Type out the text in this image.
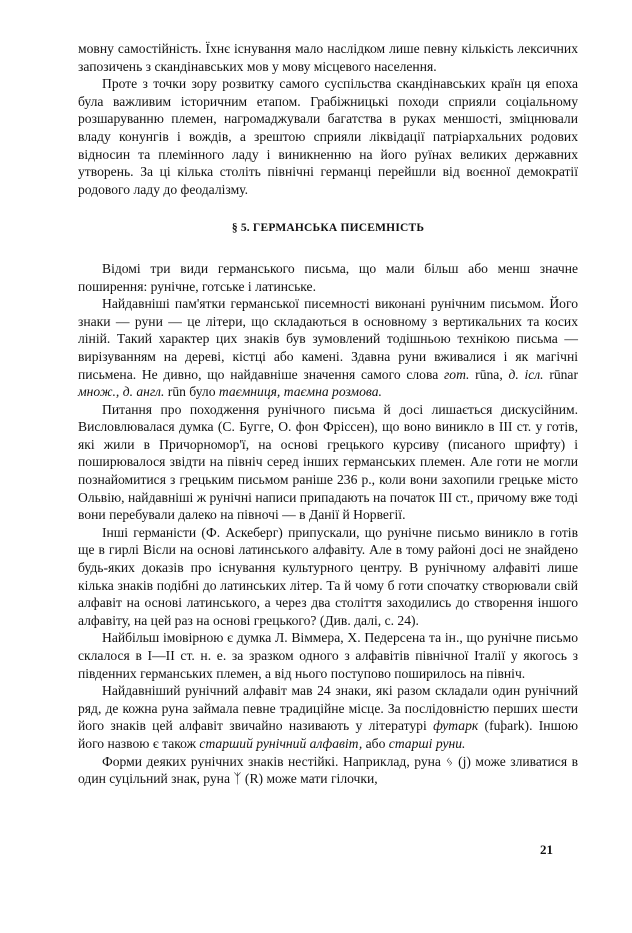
мовну самостійність. Їхнє існування мало наслідком лише певну кількість лексичних запозичень з скандінавських мов у мову місцевого населення.

Проте з точки зору розвитку самого суспільства скандінавських країн ця епоха була важливим історичним етапом. Грабіжницькі походи сприяли соціальному розшаруванню племен, нагромаджували багатства в руках меншості, зміцнювали владу конунгів і вождів, а зрештою сприяли ліквідації патріархальних родових відносин та племінного ладу і виникненню на його руїнах великих державних утворень. За ці кілька століть північні германці перейшли від воєнної демократії родового ладу до феодалізму.

§ 5. ГЕРМАНСЬКА ПИСЕМНІСТЬ

Відомі три види германського письма, що мали більш або менш значне поширення: рунічне, готське і латинське.

Найдавніші пам'ятки германської писемності виконані рунічним письмом. Його знаки — руни — це літери, що складаються в основному з вертикальних та косих ліній. Такий характер цих знаків був зумовлений тодішньою технікою письма — вирізуванням на дереві, кістці або камені. Здавна руни вживалися і як магічні письмена. Не дивно, що найдавніше значення самого слова гот. rūna, д. ісл. rūnar множ., д. англ. rūn було таємниця, таємна розмова.

Питання про походження рунічного письма й досі лишається дискусійним. Висловлювалася думка (С. Бугге, О. фон Фріссен), що воно виникло в III ст. у готів, які жили в Причорномор'ї, на основі грецького курсиву (писаного шрифту) і поширювалося звідти на північ серед інших германських племен. Але готи не могли познайомитися з грецьким письмом раніше 236 р., коли вони захопили грецьке місто Ольвію, найдавніші ж рунічні написи припадають на початок III ст., причому вже тоді вони перебували далеко на півночі — в Данії й Норвегії.

Інші германісти (Ф. Аскеберг) припускали, що рунічне письмо виникло в готів ще в гирлі Вісли на основі латинського алфавіту. Але в тому районі досі не знайдено будь-яких доказів про існування культурного центру. В рунічному алфавіті лише кілька знаків подібні до латинських літер. Та й чому б готи спочатку створювали свій алфавіт на основі латинського, а через два століття заходились до створення іншого алфавіту, на цей раз на основі грецького? (Див. далі, с. 24).

Найбільш імовірною є думка Л. Віммера, Х. Педерсена та ін., що рунічне письмо склалося в I—II ст. н. е. за зразком одного з алфавітів північної Італії у якогось з південних германських племен, а від нього поступово поширилось на північ.

Найдавніший рунічний алфавіт мав 24 знаки, які разом складали один рунічний ряд, де кожна руна займала певне традиційне місце. За послідовністю перших шести його знаків цей алфавіт звичайно називають у літературі футарк (fuþark). Іншою його назвою є також старший рунічний алфавіт, або старші руни.

Форми деяких рунічних знаків нестійкі. Наприклад, руна ᛃ (j) може зливатися в один суцільний знак, руна ᛉ (R) може мати гілочки,

21
